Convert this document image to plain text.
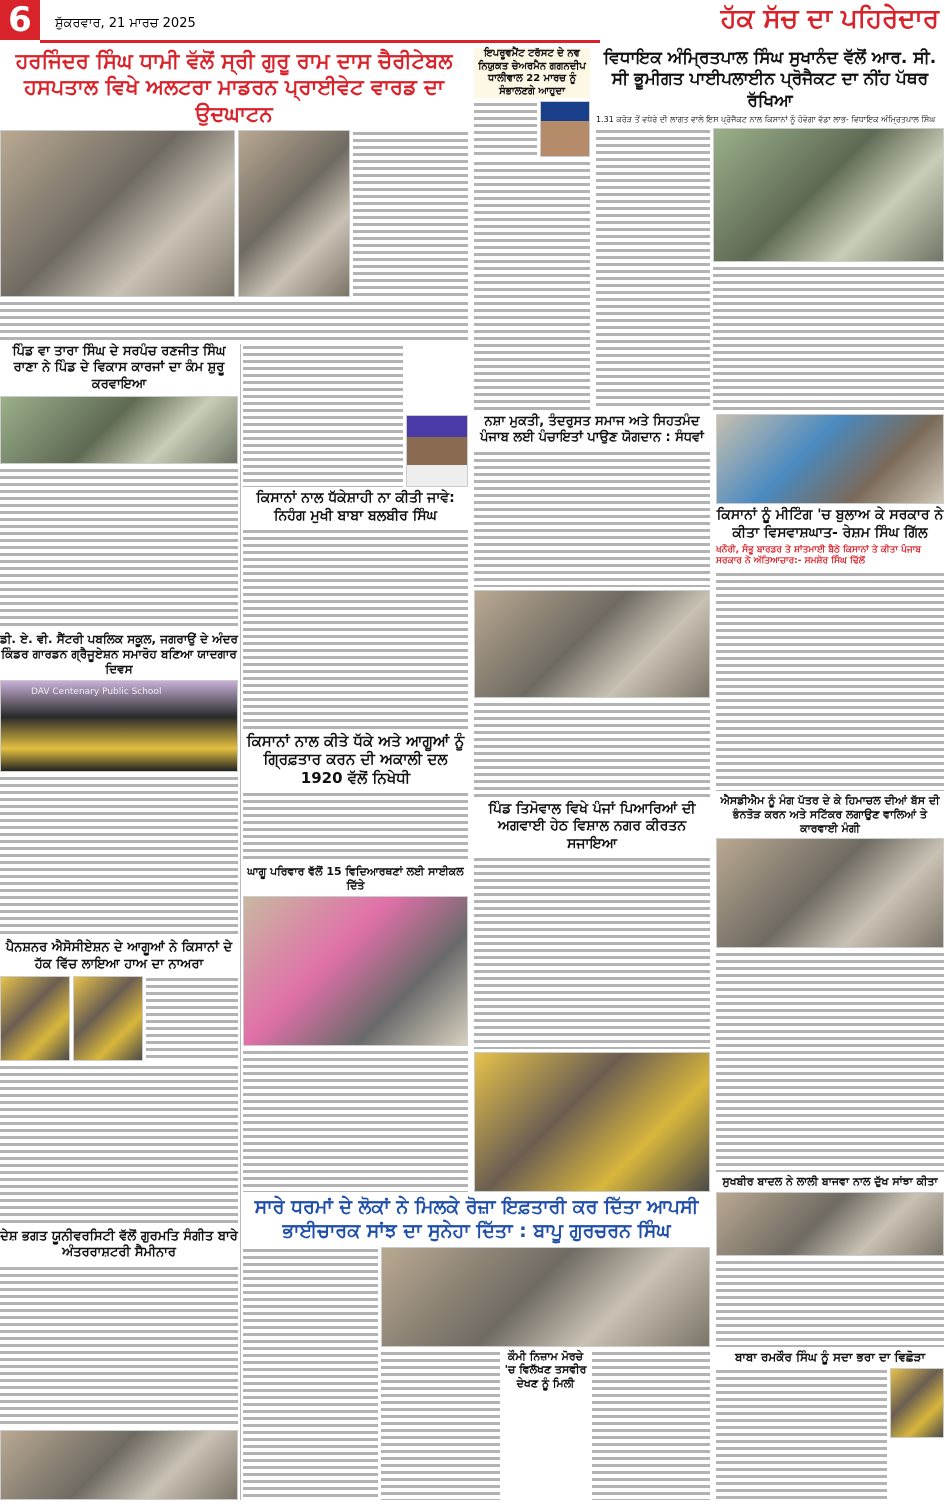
6	ਸ਼ੁੱਕਰਵਾਰ, 21 ਮਾਰਚ 2025	ਹੱਕ ਸੱਚ ਦਾ ਪਹਿਰੇਦਾਰ
ਹਰਜਿੰਦਰ ਸਿੰਘ ਧਾਮੀ ਵੱਲੋਂ ਸ੍ਰੀ ਗੁਰੂ ਰਾਮ ਦਾਸ ਚੈਰੀਟੇਬਲ ਹਸਪਤਾਲ ਵਿਖੇ ਅਲਟਰਾ ਮਾਡਰਨ ਪ੍ਰਾਈਵੇਟ ਵਾਰਡ ਦਾ ਉਦਘਾਟਨ
ਪਿੰਡ ਵਾ ਤਾਰਾ ਸਿੰਘ ਦੇ ਸਰਪੰਚ ਰਣਜੀਤ ਸਿੰਘ ਰਾਣਾ ਨੇ ਪਿੰਡ ਦੇ ਵਿਕਾਸ ਕਾਰਜਾਂ ਦਾ ਕੰਮ ਸ਼ੁਰੂ ਕਰਵਾਇਆ
ਡੀ. ਏ. ਵੀ. ਸੈਂਟਰੀ ਪਬਲਿਕ ਸਕੂਲ, ਜਗਰਾਉਂ ਦੇ ਅੰਦਰ ਕਿੰਡਰ ਗਾਰਡਨ ਗ੍ਰੈਜੂਏਸ਼ਨ ਸਮਾਰੋਹ ਬਣਿਆ ਯਾਦਗਾਰ ਦਿਵਸ
DAV Centenary Public School
ਪੈਨਸ਼ਨਰ ਐਸੋਸੀਏਸ਼ਨ ਦੇ ਆਗੂਆਂ ਨੇ ਕਿਸਾਨਾਂ ਦੇ ਹੱਕ ਵਿੱਚ ਲਾਇਆ ਹਾਅ ਦਾ ਨਾਅਰਾ
ਦੇਸ਼ ਭਗਤ ਯੂਨੀਵਰਸਿਟੀ ਵੱਲੋਂ ਗੁਰਮਤਿ ਸੰਗੀਤ ਬਾਰੇ ਅੰਤਰਰਾਸ਼ਟਰੀ ਸੈਮੀਨਾਰ
ਕਿਸਾਨਾਂ ਨਾਲ ਧੱਕੇਸ਼ਾਹੀ ਨਾ ਕੀਤੀ ਜਾਵੇ: ਨਿਹੰਗ ਮੁਖੀ ਬਾਬਾ ਬਲਬੀਰ ਸਿੰਘ
ਕਿਸਾਨਾਂ ਨਾਲ ਕੀਤੇ ਧੱਕੇ ਅਤੇ ਆਗੂਆਂ ਨੂੰ ਗ੍ਰਿਫ਼ਤਾਰ ਕਰਨ ਦੀ ਅਕਾਲੀ ਦਲ 1920 ਵੱਲੋਂ ਨਿਖੇਧੀ
ਘਾਗੂ ਪਰਿਵਾਰ ਵੱਲੋਂ 15 ਵਿਦਿਆਰਥਣਾਂ ਲਈ ਸਾਈਕਲ ਦਿੱਤੇ
ਇਪਰੂਵਮੈਂਟ ਟਰੱਸਟ ਦੇ ਨਵ ਨਿਯੁਕਤ ਚੇਅਰਮੈਨ ਗਗਨਦੀਪ ਧਾਲੀਵਾਲ 22 ਮਾਰਚ ਨੂੰ ਸੰਭਾਲਣਗੇ ਆਹੁਦਾ
ਵਿਧਾਇਕ ਅੰਮ੍ਰਿਤਪਾਲ ਸਿੰਘ ਸੁਖਾਨੰਦ ਵੱਲੋਂ ਆਰ. ਸੀ. ਸੀ ਭੂਮੀਗਤ ਪਾਈਪਲਾਈਨ ਪ੍ਰੋਜੈਕਟ ਦਾ ਨੀਂਹ ਪੱਥਰ ਰੱਖਿਆ
1.31 ਕਰੋੜ ਤੋਂ ਵਧੇਰੇ ਦੀ ਲਾਗਤ ਵਾਲੇ ਇਸ ਪ੍ਰੋਜੈਕਟ ਨਾਲ ਕਿਸਾਨਾਂ ਨੂੰ ਹੋਵੇਗਾ ਵੱਡਾ ਲਾਭ- ਵਿਧਾਇਕ ਅੰਮ੍ਰਿਤਪਾਲ ਸਿੰਘ
ਨਸ਼ਾ ਮੁਕਤੀ, ਤੰਦਰੁਸਤ ਸਮਾਜ ਅਤੇ ਸਿਹਤਮੰਦ ਪੰਜਾਬ ਲਈ ਪੰਚਾਇਤਾਂ ਪਾਉਣ ਯੋਗਦਾਨ : ਸੰਧਵਾਂ
ਪਿੰਡ ਤਿਮੋਵਾਲ ਵਿਖੇ ਪੰਜਾਂ ਪਿਆਰਿਆਂ ਦੀ ਅਗਵਾਈ ਹੇਠ ਵਿਸ਼ਾਲ ਨਗਰ ਕੀਰਤਨ ਸਜਾਇਆ
ਕਿਸਾਨਾਂ ਨੂੰ ਮੀਟਿੰਗ 'ਚ ਬੁਲਾਅ ਕੇ ਸਰਕਾਰ ਨੇ ਕੀਤਾ ਵਿਸਵਾਸ਼ਘਾਤ- ਰੇਸ਼ਮ ਸਿੰਘ ਗਿੱਲ
ਖਨੌਰੀ, ਸੰਭੂ ਬਾਰਡਰ ਤੇ ਸ਼ਾਂਤਮਾਈ ਬੈਠੇ ਕਿਸਾਨਾਂ ਤੇ ਕੀਤਾ ਪੰਜਾਬ ਸਰਕਾਰ ਨੇ ਅੱਤਿਆਚਾਰ:- ਸਮਸ਼ੇਰ ਸਿੰਘ ਢਿੱਲੋਂ
ਐਸਡੀਐਮ ਨੂੰ ਮੰਗ ਪੱਤਰ ਦੇ ਕੇ ਹਿਮਾਚਲ ਦੀਆਂ ਬੱਸ ਦੀ ਭੰਨਤੋੜ ਕਰਨ ਅਤੇ ਸਟਿੱਕਰ ਲਗਾਉਣ ਵਾਲਿਆਂ ਤੇ ਕਾਰਵਾਈ ਮੰਗੀ
ਸੁਖਬੀਰ ਬਾਦਲ ਨੇ ਲਾਲੀ ਬਾਜਵਾ ਨਾਲ ਦੁੱਖ ਸਾਂਝਾ ਕੀਤਾ
ਬਾਬਾ ਰਮਕੌਰ ਸਿੰਘ ਨੂੰ ਸਦਾ ਭਰਾ ਦਾ ਵਿਛੋੜਾ
ਸਾਰੇ ਧਰਮਾਂ ਦੇ ਲੋਕਾਂ ਨੇ ਮਿਲਕੇ ਰੋਜ਼ਾ ਇਫ਼ਤਾਰੀ ਕਰ ਦਿੱਤਾ ਆਪਸੀ ਭਾਈਚਾਰਕ ਸਾਂਝ ਦਾ ਸੁਨੇਹਾ ਦਿੱਤਾ : ਬਾਪੂ ਗੁਰਚਰਨ ਸਿੰਘ
ਕੌਮੀ ਨਿਜ਼ਾਮ ਮੋਰਚੇ 'ਚ ਵਿਲੱਖਣ ਤਸਵੀਰ ਦੇਖਣ ਨੂੰ ਮਿਲੀ
